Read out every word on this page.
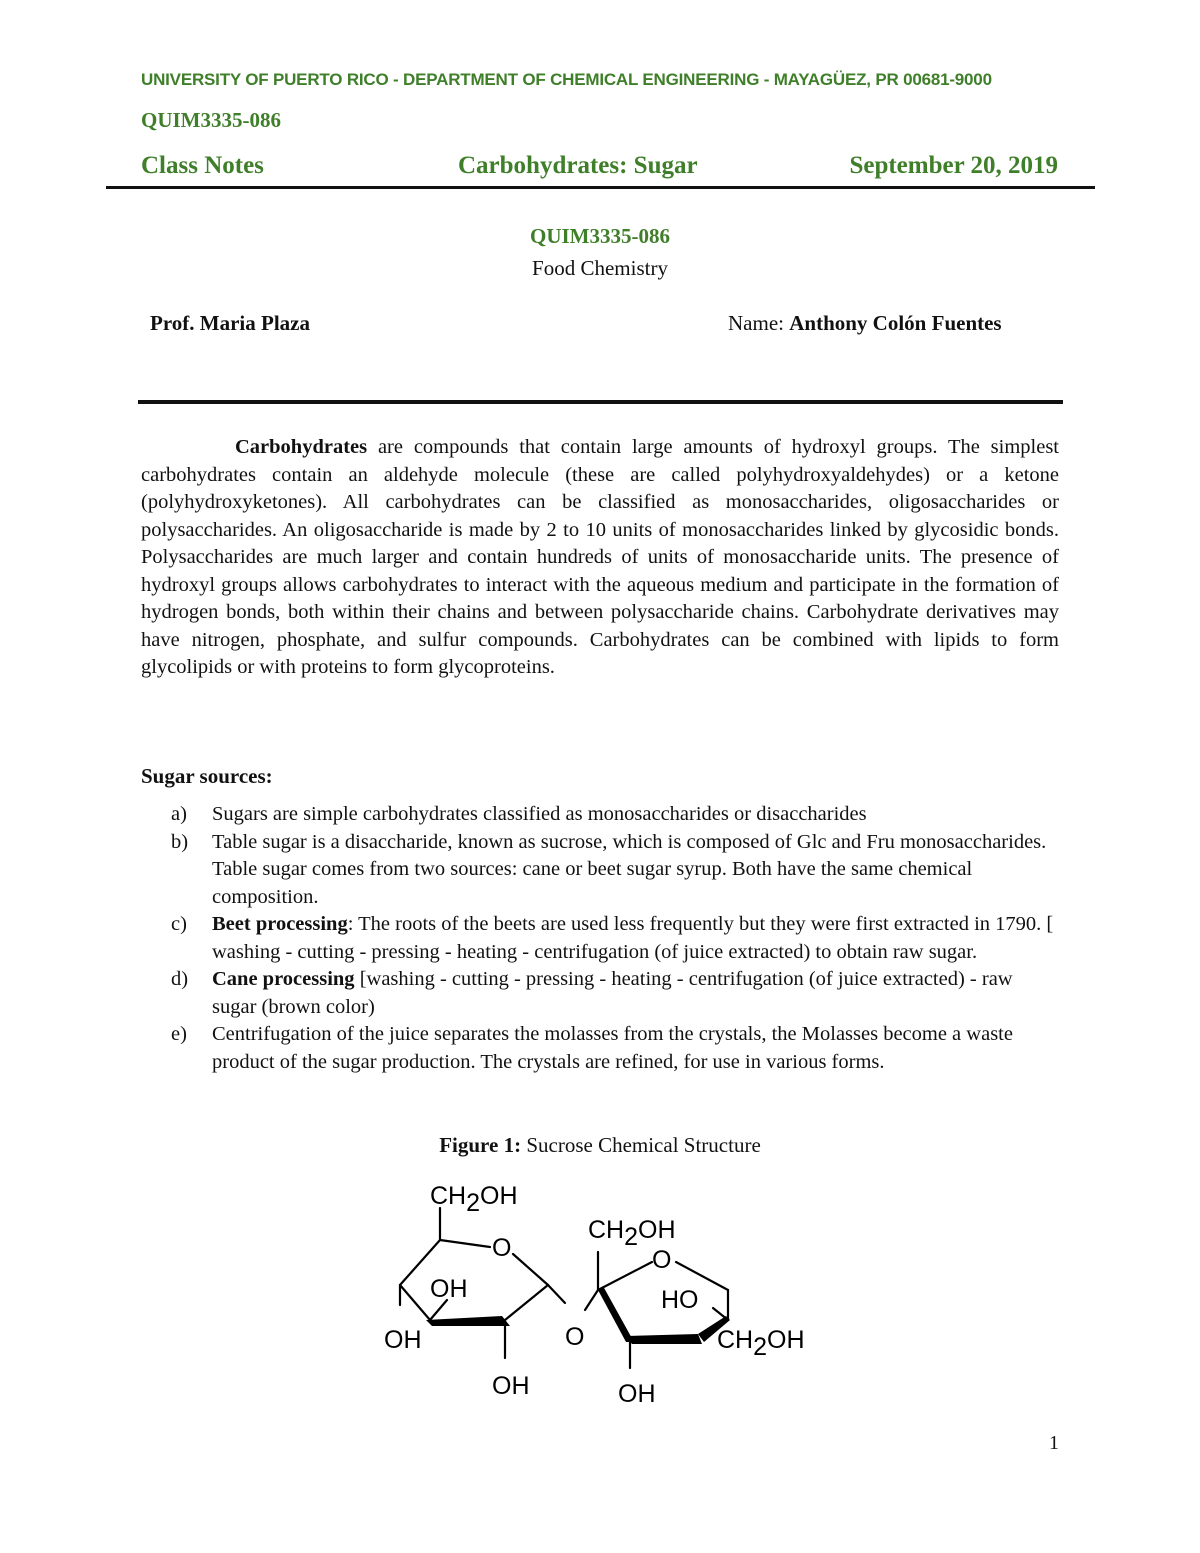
UNIVERSITY OF PUERTO RICO - DEPARTMENT OF CHEMICAL ENGINEERING - MAYAGÜEZ, PR 00681-9000
QUIM3335-086
Class Notes	Carbohydrates: Sugar	September 20, 2019
QUIM3335-086
Food Chemistry
Prof. Maria Plaza	Name: Anthony Colón Fuentes

Carbohydrates are compounds that contain large amounts of hydroxyl groups. The simplest carbohydrates contain an aldehyde molecule (these are called polyhydroxyaldehydes) or a ketone (polyhydroxyketones). All carbohydrates can be classified as monosaccharides, oligosaccharides or polysaccharides. An oligosaccharide is made by 2 to 10 units of monosaccharides linked by glycosidic bonds. Polysaccharides are much larger and contain hundreds of units of monosaccharide units. The presence of hydroxyl groups allows carbohydrates to interact with the aqueous medium and participate in the formation of hydrogen bonds, both within their chains and between polysaccharide chains. Carbohydrate derivatives may have nitrogen, phosphate, and sulfur compounds. Carbohydrates can be combined with lipids to form glycolipids or with proteins to form glycoproteins.

Sugar sources:
a) Sugars are simple carbohydrates classified as monosaccharides or disaccharides
b) Table sugar is a disaccharide, known as sucrose, which is composed of Glc and Fru monosaccharides. Table sugar comes from two sources: cane or beet sugar syrup. Both have the same chemical composition.
c) Beet processing: The roots of the beets are used less frequently but they were first extracted in 1790. [ washing - cutting - pressing - heating - centrifugation (of juice extracted) to obtain raw sugar.
d) Cane processing [washing - cutting - pressing - heating - centrifugation (of juice extracted) - raw sugar (brown color)
e) Centrifugation of the juice separates the molasses from the crystals, the Molasses become a waste product of the sugar production. The crystals are refined, for use in various forms.
Figure 1: Sucrose Chemical Structure
CH2OH
O
OH
OH
OH
O
CH2OH
O
HO
CH2OH
OH
1
